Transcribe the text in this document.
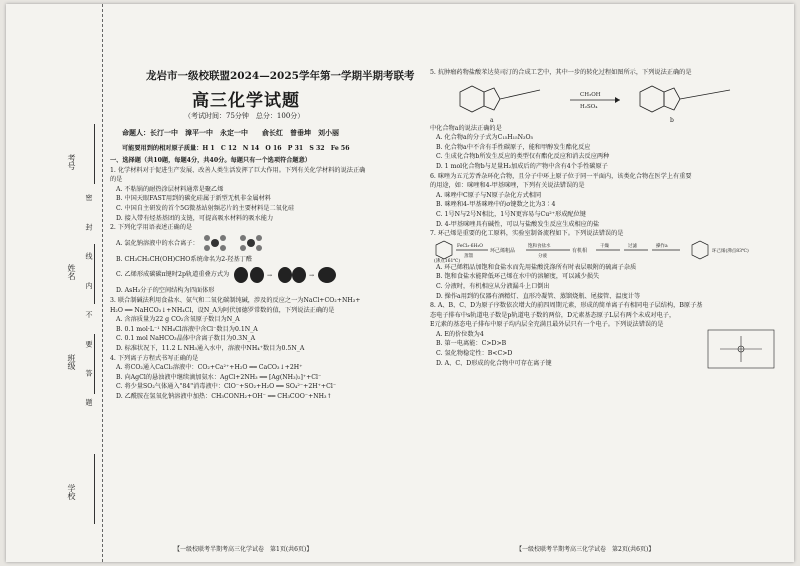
考号
姓名
班级
学校
密 封 线 内 不 要 答 题
龙岩市一级校联盟2024—2025学年第一学期半期考联考
高三化学试题
（考试时间：75分钟　总分：100分）
命题人：长汀一中　漳平一中　永定一中　　俞长红　曾垂坤　刘小丽
可能要用到的相对原子质量：H 1　C 12　N 14　O 16　P 31　S 32　Fe 56

一、选择题（共10题，每题4分，共40分。每题只有一个选项符合题意）

1. 化学材料对于促进生产发展、改善人类生活发挥了巨大作用。下列有关化学材料的说法正确

的是

A. 不粘锅的耐热涂层材料通常是聚乙烯

B. 中国天眼FAST用到的碳化硅属于新型无机非金属材料

C. 中国自主研发的首个5G微基站射频芯片的主要材料是二氧化硅

D. 接入带有烃基基团的支链，可提高吸水材料的吸水能力

2. 下列化学用语表述正确的是

A. 氯化钠溶液中的水合离子：

B. CH₃CH₂CH(OH)CHO系统命名为2-羟基丁醛

C. 乙烯形成碳碳π键时2p轨道重叠方式为	→	→

D. AsH₃分子的空间结构为四面体形

3. 联合制碱法利用食盐水、氨气和二氧化碳制纯碱，涉及的反应之一为NaCl+CO₂+NH₃+

H₂O ══ NaHCO₃↓+NH₄Cl，设N_A为阿伏加德罗常数的值，下列说法正确的是

A. 含溶质量为22 g CO₂含氧原子数目为N_A

B. 0.1 mol·L⁻¹ NH₄Cl溶液中含Cl⁻数目为0.1N_A

C. 0.1 mol NaHCO₃晶体中含离子数目为0.3N_A

D. 标准状况下，11.2 L NH₃通入水中，溶液中NH₄⁺数目为0.5N_A

4. 下列离子方程式书写正确的是

A. 将CO₂通入CaCl₂溶液中：CO₂+Ca²⁺+H₂O ══ CaCO₃↓+2H⁺

B. 向AgCl的悬浊液中继续滴加氨水：AgCl+2NH₃ ══ [Ag(NH₃)₂]⁺+Cl⁻

C. 将少量SO₂气体通入"84"消毒液中：ClO⁻+SO₂+H₂O ══ SO₄²⁻+2H⁺+Cl⁻

D. 乙酰胺在氢氧化钠溶液中加热：CH₃CONH₂+OH⁻ ══ CH₃COO⁻+NH₃↑

5. 抗肿瘤药物盐酸苯达莫司汀的合成工艺中，其中一步的转化过程如图所示，下列说法正确的是

CH₃OH
H₂SO₄
a	b

中化合物a的说法正确的是

A. 化合物a的分子式为C₁₅H₁₅N₃O₅

B. 化合物a中不含有手性碳原子，能和甲醇发生酯化反应

C. 生成化合物b所发生反应的类型仅有酯化反应和消去反应两种

D. 1 mol化合物b与足量H₂加成后的产物中含有4个手性碳原子

6. 咪唑为五元芳香杂环化合物，且分子中环上原子位于同一平面内，该类化合物在医学上有重要

的用途，如：咪唑和4-甲基咪唑，下列有关说法错误的是

A. 咪唑中C原子与N原子杂化方式相同

B. 咪唑和4-甲基咪唑中的σ键数之比为3∶4

C. 1号N与2号N相比，1号N更容易与Cu²⁺形成配位键

D. 4-甲基咪唑具有碱性，可以与盐酸发生反应生成相应的盐

7. 环己烯是重要的化工原料，实验室制备流程如下。下列说法错误的是

(沸点161℃)
FeCl₃·6H₂O
蒸馏
环己烯粗品
饱和食盐水
分液
有机相
干燥	过滤	操作a
环己烯(沸点83℃)

A. 环己烯粗品加饱和食盐水而先用盐酸洗涤所有时表层吸附的硫离子杂质

B. 饱和食盐水能降低环己烯在水中的溶解度，可以减少损失

C. 分液时，有机相应从分液漏斗上口倒出

D. 操作a用到的仪器有酒精灯、直形冷凝管、蒸馏烧瓶、尾接管、温度计等

8. A、B、C、D为原子序数依次增大的前四周期元素，形成的简单离子有相同电子层结构，B原子基

态电子排布中s轨道电子数是p轨道电子数的两倍，D元素基态原子L层有两个未成对电子，

E元素的基态电子排布中原子均内层全充满且最外层只有一个电子。下列说法错误的是

A. E的价位数为4

B. 第一电离能：C>D>B

C. 氢化物稳定性：B<C>D

D. A、C、D形成的化合物中可存在离子键

【一级校联考半期考高三化学试卷　第1页(共6页)】	【一级校联考半期考高三化学试卷　第2页(共6页)】
